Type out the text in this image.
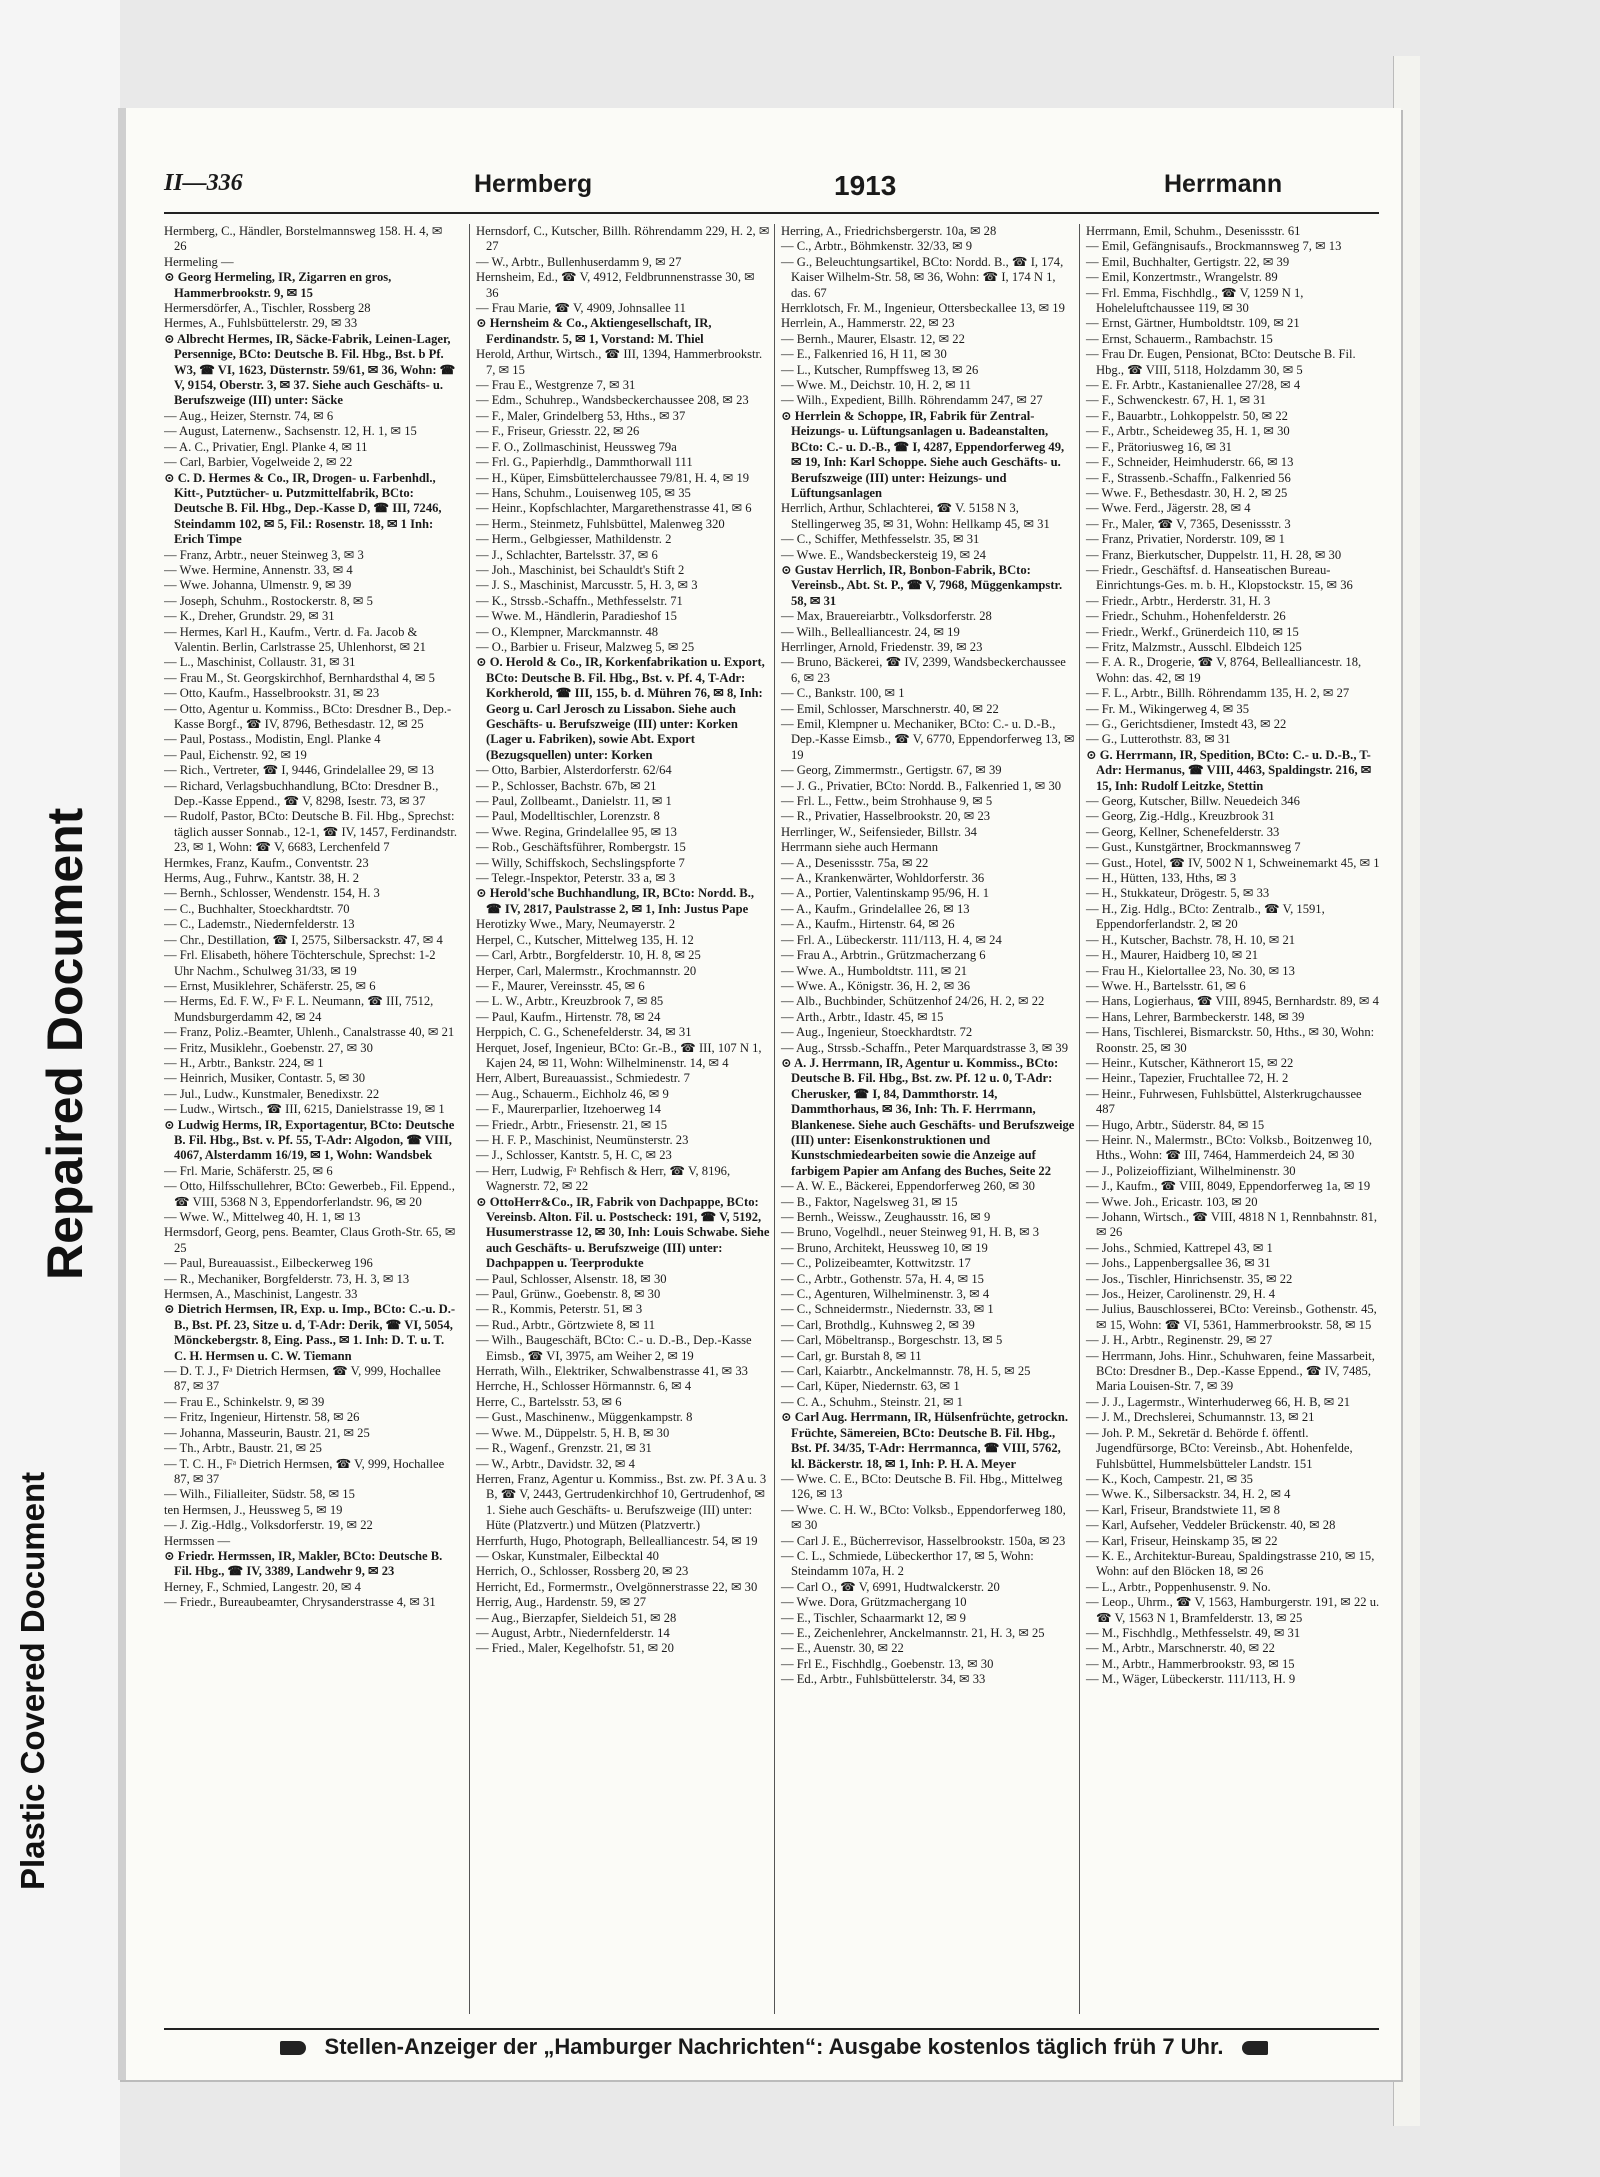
Plastic Covered Document
Repaired Document
II—336	Hermberg	1913	Herrmann

Hermberg, C., Händler, Borstelmannsweg 158. H. 4, ✉ 26

Hermeling —

⊙ Georg Hermeling, IR, Zigarren en gros, Hammerbrookstr. 9, ✉ 15

Hermersdörfer, A., Tischler, Rossberg 28

Hermes, A., Fuhlsbüttelerstr. 29, ✉ 33

⊙ Albrecht Hermes, IR, Säcke-Fabrik, Leinen-Lager, Persennige, BCto: Deutsche B. Fil. Hbg., Bst. b Pf. W3, ☎ VI, 1623, Düsternstr. 59/61, ✉ 36, Wohn: ☎ V, 9154, Oberstr. 3, ✉ 37. Siehe auch Geschäfts- u. Berufszweige (III) unter: Säcke

— Aug., Heizer, Sternstr. 74, ✉ 6

— August, Laternenw., Sachsenstr. 12, H. 1, ✉ 15

— A. C., Privatier, Engl. Planke 4, ✉ 11

— Carl, Barbier, Vogelweide 2, ✉ 22

⊙ C. D. Hermes & Co., IR, Drogen- u. Farbenhdl., Kitt-, Putztücher- u. Putzmittelfabrik, BCto: Deutsche B. Fil. Hbg., Dep.-Kasse D, ☎ III, 7246, Steindamm 102, ✉ 5, Fil.: Rosenstr. 18, ✉ 1 Inh: Erich Timpe

— Franz, Arbtr., neuer Steinweg 3, ✉ 3

— Wwe. Hermine, Annenstr. 33, ✉ 4

— Wwe. Johanna, Ulmenstr. 9, ✉ 39

— Joseph, Schuhm., Rostockerstr. 8, ✉ 5

— K., Dreher, Grundstr. 29, ✉ 31

— Hermes, Karl H., Kaufm., Vertr. d. Fa. Jacob & Valentin. Berlin, Carlstrasse 25, Uhlenhorst, ✉ 21

— L., Maschinist, Collaustr. 31, ✉ 31

— Frau M., St. Georgskirchhof, Bernhardsthal 4, ✉ 5

— Otto, Kaufm., Hasselbrookstr. 31, ✉ 23

— Otto, Agentur u. Kommiss., BCto: Dresdner B., Dep.-Kasse Borgf., ☎ IV, 8796, Bethesdastr. 12, ✉ 25

— Paul, Postass., Modistin, Engl. Planke 4

— Paul, Eichenstr. 92, ✉ 19

— Rich., Vertreter, ☎ I, 9446, Grindelallee 29, ✉ 13

— Richard, Verlagsbuchhandlung, BCto: Dresdner B., Dep.-Kasse Eppend., ☎ V, 8298, Isestr. 73, ✉ 37

— Rudolf, Pastor, BCto: Deutsche B. Fil. Hbg., Sprechst: täglich ausser Sonnab., 12-1, ☎ IV, 1457, Ferdinandstr. 23, ✉ 1, Wohn: ☎ V, 6683, Lerchenfeld 7

Hermkes, Franz, Kaufm., Conventstr. 23

Herms, Aug., Fuhrw., Kantstr. 38, H. 2

— Bernh., Schlosser, Wendenstr. 154, H. 3

— C., Buchhalter, Stoeckhardtstr. 70

— C., Lademstr., Niedernfelderstr. 13

— Chr., Destillation, ☎ I, 2575, Silbersackstr. 47, ✉ 4

— Frl. Elisabeth, höhere Töchterschule, Sprechst: 1-2 Uhr Nachm., Schulweg 31/33, ✉ 19

— Ernst, Musiklehrer, Schäferstr. 25, ✉ 6

— Herms, Ed. F. W., Fᵃ F. L. Neumann, ☎ III, 7512, Mundsburgerdamm 42, ✉ 24

— Franz, Poliz.-Beamter, Uhlenh., Canalstrasse 40, ✉ 21

— Fritz, Musiklehr., Goebenstr. 27, ✉ 30

— H., Arbtr., Bankstr. 224, ✉ 1

— Heinrich, Musiker, Contastr. 5, ✉ 30

— Jul., Ludw., Kunstmaler, Benedixstr. 22

— Ludw., Wirtsch., ☎ III, 6215, Danielstrasse 19, ✉ 1

⊙ Ludwig Herms, IR, Exportagentur, BCto: Deutsche B. Fil. Hbg., Bst. v. Pf. 55, T-Adr: Algodon, ☎ VIII, 4067, Alsterdamm 16/19, ✉ 1, Wohn: Wandsbek

— Frl. Marie, Schäferstr. 25, ✉ 6

— Otto, Hilfsschullehrer, BCto: Gewerbeb., Fil. Eppend., ☎ VIII, 5368 N 3, Eppendorferlandstr. 96, ✉ 20

— Wwe. W., Mittelweg 40, H. 1, ✉ 13

Hermsdorf, Georg, pens. Beamter, Claus Groth-Str. 65, ✉ 25

— Paul, Bureauassist., Eilbeckerweg 196

— R., Mechaniker, Borgfelderstr. 73, H. 3, ✉ 13

Hermsen, A., Maschinist, Langestr. 33

⊙ Dietrich Hermsen, IR, Exp. u. Imp., BCto: C.-u. D.-B., Bst. Pf. 23, Sitze u. d, T-Adr: Derik, ☎ VI, 5054, Mönckebergstr. 8, Eing. Pass., ✉ 1. Inh: D. T. u. T. C. H. Hermsen u. C. W. Tiemann

— D. T. J., Fᵃ Dietrich Hermsen, ☎ V, 999, Hochallee 87, ✉ 37

— Frau E., Schinkelstr. 9, ✉ 39

— Fritz, Ingenieur, Hirtenstr. 58, ✉ 26

— Johanna, Masseurin, Baustr. 21, ✉ 25

— Th., Arbtr., Baustr. 21, ✉ 25

— T. C. H., Fᵃ Dietrich Hermsen, ☎ V, 999, Hochallee 87, ✉ 37

— Wilh., Filialleiter, Südstr. 58, ✉ 15

ten Hermsen, J., Heussweg 5, ✉ 19

— J. Zig.-Hdlg., Volksdorferstr. 19, ✉ 22

Hermssen —

⊙ Friedr. Hermssen, IR, Makler, BCto: Deutsche B. Fil. Hbg., ☎ IV, 3389, Landwehr 9, ✉ 23

Herney, F., Schmied, Langestr. 20, ✉ 4

— Friedr., Bureaubeamter, Chrysanderstrasse 4, ✉ 31

Hernsdorf, C., Kutscher, Billh. Röhrendamm 229, H. 2, ✉ 27

— W., Arbtr., Bullenhuserdamm 9, ✉ 27

Hernsheim, Ed., ☎ V, 4912, Feldbrunnenstrasse 30, ✉ 36

— Frau Marie, ☎ V, 4909, Johnsallee 11

⊙ Hernsheim & Co., Aktiengesellschaft, IR, Ferdinandstr. 5, ✉ 1, Vorstand: M. Thiel

Herold, Arthur, Wirtsch., ☎ III, 1394, Hammerbrookstr. 7, ✉ 15

— Frau E., Westgrenze 7, ✉ 31

— Edm., Schuhrep., Wandsbeckerchaussee 208, ✉ 23

— F., Maler, Grindelberg 53, Hths., ✉ 37

— F., Friseur, Griesstr. 22, ✉ 26

— F. O., Zollmaschinist, Heussweg 79a

— Frl. G., Papierhdlg., Dammthorwall 111

— H., Küper, Eimsbüttelerchaussee 79/81, H. 4, ✉ 19

— Hans, Schuhm., Louisenweg 105, ✉ 35

— Heinr., Kopfschlachter, Margarethenstrasse 41, ✉ 6

— Herm., Steinmetz, Fuhlsbüttel, Malenweg 320

— Herm., Gelbgiesser, Mathildenstr. 2

— J., Schlachter, Bartelsstr. 37, ✉ 6

— Joh., Maschinist, bei Schauldt's Stift 2

— J. S., Maschinist, Marcusstr. 5, H. 3, ✉ 3

— K., Strssb.-Schaffn., Methfesselstr. 71

— Wwe. M., Händlerin, Paradieshof 15

— O., Klempner, Marckmannstr. 48

— O., Barbier u. Friseur, Malzweg 5, ✉ 25

⊙ O. Herold & Co., IR, Korkenfabrikation u. Export, BCto: Deutsche B. Fil. Hbg., Bst. v. Pf. 4, T-Adr: Korkherold, ☎ III, 155, b. d. Mühren 76, ✉ 8, Inh: Georg u. Carl Jerosch zu Lissabon. Siehe auch Geschäfts- u. Berufszweige (III) unter: Korken (Lager u. Fabriken), sowie Abt. Export (Bezugsquellen) unter: Korken

— Otto, Barbier, Alsterdorferstr. 62/64

— P., Schlosser, Bachstr. 67b, ✉ 21

— Paul, Zollbeamt., Danielstr. 11, ✉ 1

— Paul, Modelltischler, Lorenzstr. 8

— Wwe. Regina, Grindelallee 95, ✉ 13

— Rob., Geschäftsführer, Rombergstr. 15

— Willy, Schiffskoch, Sechslingspforte 7

— Telegr.-Inspektor, Peterstr. 33 a, ✉ 3

⊙ Herold'sche Buchhandlung, IR, BCto: Nordd. B., ☎ IV, 2817, Paulstrasse 2, ✉ 1, Inh: Justus Pape

Herotizky Wwe., Mary, Neumayerstr. 2

Herpel, C., Kutscher, Mittelweg 135, H. 12

— Carl, Arbtr., Borgfelderstr. 10, H. 8, ✉ 25

Herper, Carl, Malermstr., Krochmannstr. 20

— F., Maurer, Vereinsstr. 45, ✉ 6

— L. W., Arbtr., Kreuzbrook 7, ✉ 85

— Paul, Kaufm., Hirtenstr. 78, ✉ 24

Herppich, C. G., Schenefelderstr. 34, ✉ 31

Herquet, Josef, Ingenieur, BCto: Gr.-B., ☎ III, 107 N 1, Kajen 24, ✉ 11, Wohn: Wilhelminenstr. 14, ✉ 4

Herr, Albert, Bureauassist., Schmiedestr. 7

— Aug., Schauerm., Eichholz 46, ✉ 9

— F., Maurerparlier, Itzehoerweg 14

— Friedr., Arbtr., Friesenstr. 21, ✉ 15

— H. F. P., Maschinist, Neumünsterstr. 23

— J., Schlosser, Kantstr. 5, H. C, ✉ 23

— Herr, Ludwig, Fᵃ Rehfisch & Herr, ☎ V, 8196, Wagnerstr. 72, ✉ 22

⊙ OttoHerr&Co., IR, Fabrik von Dachpappe, BCto: Vereinsb. Alton. Fil. u. Postscheck: 191, ☎ V, 5192, Husumerstrasse 12, ✉ 30, Inh: Louis Schwabe. Siehe auch Geschäfts- u. Berufszweige (III) unter: Dachpappen u. Teerprodukte

— Paul, Schlosser, Alsenstr. 18, ✉ 30

— Paul, Grünw., Goebenstr. 8, ✉ 30

— R., Kommis, Peterstr. 51, ✉ 3

— Rud., Arbtr., Görtzwiete 8, ✉ 11

— Wilh., Baugeschäft, BCto: C.- u. D.-B., Dep.-Kasse Eimsb., ☎ VI, 3975, am Weiher 2, ✉ 19

Herrath, Wilh., Elektriker, Schwalbenstrasse 41, ✉ 33

Herrche, H., Schlosser Hörmannstr. 6, ✉ 4

Herre, C., Bartelsstr. 53, ✉ 6

— Gust., Maschinenw., Müggenkampstr. 8

— Wwe. M., Düppelstr. 5, H. B, ✉ 30

— R., Wagenf., Grenzstr. 21, ✉ 31

— W., Arbtr., Davidstr. 32, ✉ 4

Herren, Franz, Agentur u. Kommiss., Bst. zw. Pf. 3 A u. 3 B, ☎ V, 2443, Gertrudenkirchhof 10, Gertrudenhof, ✉ 1. Siehe auch Geschäfts- u. Berufszweige (III) unter: Hüte (Platzvertr.) und Mützen (Platzvertr.)

Herrfurth, Hugo, Photograph, Bellealliancestr. 54, ✉ 19

— Oskar, Kunstmaler, Eilbecktal 40

Herrich, O., Schlosser, Rossberg 20, ✉ 23

Herricht, Ed., Formermstr., Ovelgönnerstrasse 22, ✉ 30

Herrig, Aug., Hardenstr. 59, ✉ 27

— Aug., Bierzapfer, Sieldeich 51, ✉ 28

— August, Arbtr., Niedernfelderstr. 14

— Fried., Maler, Kegelhofstr. 51, ✉ 20

Herring, A., Friedrichsbergerstr. 10a, ✉ 28

— C., Arbtr., Böhmkenstr. 32/33, ✉ 9

— G., Beleuchtungsartikel, BCto: Nordd. B., ☎ I, 174, Kaiser Wilhelm-Str. 58, ✉ 36, Wohn: ☎ I, 174 N 1, das. 67

Herrklotsch, Fr. M., Ingenieur, Ottersbeckallee 13, ✉ 19

Herrlein, A., Hammerstr. 22, ✉ 23

— Bernh., Maurer, Elsastr. 12, ✉ 22

— E., Falkenried 16, H 11, ✉ 30

— L., Kutscher, Rumpffsweg 13, ✉ 26

— Wwe. M., Deichstr. 10, H. 2, ✉ 11

— Wilh., Expedient, Billh. Röhrendamm 247, ✉ 27

⊙ Herrlein & Schoppe, IR, Fabrik für Zentral-Heizungs- u. Lüftungsanlagen u. Badeanstalten, BCto: C.- u. D.-B., ☎ I, 4287, Eppendorferweg 49, ✉ 19, Inh: Karl Schoppe. Siehe auch Geschäfts- u. Berufszweige (III) unter: Heizungs- und Lüftungsanlagen

Herrlich, Arthur, Schlachterei, ☎ V. 5158 N 3, Stellingerweg 35, ✉ 31, Wohn: Hellkamp 45, ✉ 31

— C., Schiffer, Methfesselstr. 35, ✉ 31

— Wwe. E., Wandsbeckersteig 19, ✉ 24

⊙ Gustav Herrlich, IR, Bonbon-Fabrik, BCto: Vereinsb., Abt. St. P., ☎ V, 7968, Müggenkampstr. 58, ✉ 31

— Max, Brauereiarbtr., Volksdorferstr. 28

— Wilh., Bellealliancestr. 24, ✉ 19

Herrlinger, Arnold, Friedenstr. 39, ✉ 23

— Bruno, Bäckerei, ☎ IV, 2399, Wandsbeckerchaussee 6, ✉ 23

— C., Bankstr. 100, ✉ 1

— Emil, Schlosser, Marschnerstr. 40, ✉ 22

— Emil, Klempner u. Mechaniker, BCto: C.- u. D.-B., Dep.-Kasse Eimsb., ☎ V, 6770, Eppendorferweg 13, ✉ 19

— Georg, Zimmermstr., Gertigstr. 67, ✉ 39

— J. G., Privatier, BCto: Nordd. B., Falkenried 1, ✉ 30

— Frl. L., Fettw., beim Strohhause 9, ✉ 5

— R., Privatier, Hasselbrookstr. 20, ✉ 23

Herrlinger, W., Seifensieder, Billstr. 34

Herrmann siehe auch Hermann

— A., Desenissstr. 75a, ✉ 22

— A., Krankenwärter, Wohldorferstr. 36

— A., Portier, Valentinskamp 95/96, H. 1

— A., Kaufm., Grindelallee 26, ✉ 13

— A., Kaufm., Hirtenstr. 64, ✉ 26

— Frl. A., Lübeckerstr. 111/113, H. 4, ✉ 24

— Frau A., Arbtrin., Grützmacherzang 6

— Wwe. A., Humboldtstr. 111, ✉ 21

— Wwe. A., Königstr. 36, H. 2, ✉ 36

— Alb., Buchbinder, Schützenhof 24/26, H. 2, ✉ 22

— Arth., Arbtr., Idastr. 45, ✉ 15

— Aug., Ingenieur, Stoeckhardtstr. 72

— Aug., Strssb.-Schaffn., Peter Marquardstrasse 3, ✉ 39

⊙ A. J. Herrmann, IR, Agentur u. Kommiss., BCto: Deutsche B. Fil. Hbg., Bst. zw. Pf. 12 u. 0, T-Adr: Cherusker, ☎ I, 84, Dammthorstr. 14, Dammthorhaus, ✉ 36, Inh: Th. F. Herrmann, Blankenese. Siehe auch Geschäfts- und Berufszweige (III) unter: Eisenkonstruktionen und Kunstschmiedearbeiten sowie die Anzeige auf farbigem Papier am Anfang des Buches, Seite 22

— A. W. E., Bäckerei, Eppendorferweg 260, ✉ 30

— B., Faktor, Nagelsweg 31, ✉ 15

— Bernh., Weissw., Zeughausstr. 16, ✉ 9

— Bruno, Vogelhdl., neuer Steinweg 91, H. B, ✉ 3

— Bruno, Architekt, Heussweg 10, ✉ 19

— C., Polizeibeamter, Kottwitzstr. 17

— C., Arbtr., Gothenstr. 57a, H. 4, ✉ 15

— C., Agenturen, Wilhelminenstr. 3, ✉ 4

— C., Schneidermstr., Niedernstr. 33, ✉ 1

— Carl, Brothdlg., Kuhnsweg 2, ✉ 39

— Carl, Möbeltransp., Borgeschstr. 13, ✉ 5

— Carl, gr. Burstah 8, ✉ 11

— Carl, Kaiarbtr., Anckelmannstr. 78, H. 5, ✉ 25

— Carl, Küper, Niedernstr. 63, ✉ 1

— C. A., Schuhm., Steinstr. 21, ✉ 1

⊙ Carl Aug. Herrmann, IR, Hülsenfrüchte, getrockn. Früchte, Sämereien, BCto: Deutsche B. Fil. Hbg., Bst. Pf. 34/35, T-Adr: Herrmannca, ☎ VIII, 5762, kl. Bäckerstr. 18, ✉ 1, Inh: P. H. A. Meyer

— Wwe. C. E., BCto: Deutsche B. Fil. Hbg., Mittelweg 126, ✉ 13

— Wwe. C. H. W., BCto: Volksb., Eppendorferweg 180, ✉ 30

— Carl J. E., Bücherrevisor, Hasselbrookstr. 150a, ✉ 23

— C. L., Schmiede, Lübeckerthor 17, ✉ 5, Wohn: Steindamm 107a, H. 2

— Carl O., ☎ V, 6991, Hudtwalckerstr. 20

— Wwe. Dora, Grützmachergang 10

— E., Tischler, Schaarmarkt 12, ✉ 9

— E., Zeichenlehrer, Anckelmannstr. 21, H. 3, ✉ 25

— E., Auenstr. 30, ✉ 22

— Frl E., Fischhdlg., Goebenstr. 13, ✉ 30

— Ed., Arbtr., Fuhlsbüttelerstr. 34, ✉ 33

Herrmann, Emil, Schuhm., Desenissstr. 61

— Emil, Gefängnisaufs., Brockmannsweg 7, ✉ 13

— Emil, Buchhalter, Gertigstr. 22, ✉ 39

— Emil, Konzertmstr., Wrangelstr. 89

— Frl. Emma, Fischhdlg., ☎ V, 1259 N 1, Hoheleluftchaussee 119, ✉ 30

— Ernst, Gärtner, Humboldtstr. 109, ✉ 21

— Ernst, Schauerm., Rambachstr. 15

— Frau Dr. Eugen, Pensionat, BCto: Deutsche B. Fil. Hbg., ☎ VIII, 5118, Holzdamm 30, ✉ 5

— E. Fr. Arbtr., Kastanienallee 27/28, ✉ 4

— F., Schwenckestr. 67, H. 1, ✉ 31

— F., Bauarbtr., Lohkoppelstr. 50, ✉ 22

— F., Arbtr., Scheideweg 35, H. 1, ✉ 30

— F., Prätoriusweg 16, ✉ 31

— F., Schneider, Heimhuderstr. 66, ✉ 13

— F., Strassenb.-Schaffn., Falkenried 56

— Wwe. F., Bethesdastr. 30, H. 2, ✉ 25

— Wwe. Ferd., Jägerstr. 28, ✉ 4

— Fr., Maler, ☎ V, 7365, Desenissstr. 3

— Franz, Privatier, Norderstr. 109, ✉ 1

— Franz, Bierkutscher, Duppelstr. 11, H. 28, ✉ 30

— Friedr., Geschäftsf. d. Hanseatischen Bureau-Einrichtungs-Ges. m. b. H., Klopstockstr. 15, ✉ 36

— Friedr., Arbtr., Herderstr. 31, H. 3

— Friedr., Schuhm., Hohenfelderstr. 26

— Friedr., Werkf., Grünerdeich 110, ✉ 15

— Fritz, Malzmstr., Ausschl. Elbdeich 125

— F. A. R., Drogerie, ☎ V, 8764, Bellealliancestr. 18, Wohn: das. 42, ✉ 19

— F. L., Arbtr., Billh. Röhrendamm 135, H. 2, ✉ 27

— Fr. M., Wikingerweg 4, ✉ 35

— G., Gerichtsdiener, Imstedt 43, ✉ 22

— G., Lutterothstr. 83, ✉ 31

⊙ G. Herrmann, IR, Spedition, BCto: C.- u. D.-B., T-Adr: Hermanus, ☎ VIII, 4463, Spaldingstr. 216, ✉ 15, Inh: Rudolf Leitzke, Stettin

— Georg, Kutscher, Billw. Neuedeich 346

— Georg, Zig.-Hdlg., Kreuzbrook 31

— Georg, Kellner, Schenefelderstr. 33

— Gust., Kunstgärtner, Brockmannsweg 7

— Gust., Hotel, ☎ IV, 5002 N 1, Schweinemarkt 45, ✉ 1

— H., Hütten, 133, Hths, ✉ 3

— H., Stukkateur, Drögestr. 5, ✉ 33

— H., Zig. Hdlg., BCto: Zentralb., ☎ V, 1591, Eppendorferlandstr. 2, ✉ 20

— H., Kutscher, Bachstr. 78, H. 10, ✉ 21

— H., Maurer, Haidberg 10, ✉ 21

— Frau H., Kielortallee 23, No. 30, ✉ 13

— Wwe. H., Bartelsstr. 61, ✉ 6

— Hans, Logierhaus, ☎ VIII, 8945, Bernhardstr. 89, ✉ 4

— Hans, Lehrer, Barmbeckerstr. 148, ✉ 39

— Hans, Tischlerei, Bismarckstr. 50, Hths., ✉ 30, Wohn: Roonstr. 25, ✉ 30

— Heinr., Kutscher, Käthnerort 15, ✉ 22

— Heinr., Tapezier, Fruchtallee 72, H. 2

— Heinr., Fuhrwesen, Fuhlsbüttel, Alsterkrugchaussee 487

— Hugo, Arbtr., Süderstr. 84, ✉ 15

— Heinr. N., Malermstr., BCto: Volksb., Boitzenweg 10, Hths., Wohn: ☎ III, 7464, Hammerdeich 24, ✉ 30

— J., Polizeioffiziant, Wilhelminenstr. 30

— J., Kaufm., ☎ VIII, 8049, Eppendorferweg 1a, ✉ 19

— Wwe. Joh., Ericastr. 103, ✉ 20

— Johann, Wirtsch., ☎ VIII, 4818 N 1, Rennbahnstr. 81, ✉ 26

— Johs., Schmied, Kattrepel 43, ✉ 1

— Johs., Lappenbergsallee 36, ✉ 31

— Jos., Tischler, Hinrichsenstr. 35, ✉ 22

— Jos., Heizer, Carolinenstr. 29, H. 4

— Julius, Bauschlosserei, BCto: Vereinsb., Gothenstr. 45, ✉ 15, Wohn: ☎ VI, 5361, Hammerbrookstr. 58, ✉ 15

— J. H., Arbtr., Reginenstr. 29, ✉ 27

— Herrmann, Johs. Hinr., Schuhwaren, feine Massarbeit, BCto: Dresdner B., Dep.-Kasse Eppend., ☎ IV, 7485, Maria Louisen-Str. 7, ✉ 39

— J. J., Lagermstr., Winterhuderweg 66, H. B, ✉ 21

— J. M., Drechslerei, Schumannstr. 13, ✉ 21

— Joh. P. M., Sekretär d. Behörde f. öffentl. Jugendfürsorge, BCto: Vereinsb., Abt. Hohenfelde, Fuhlsbüttel, Hummelsbütteler Landstr. 151

— K., Koch, Campestr. 21, ✉ 35

— Wwe. K., Silbersackstr. 34, H. 2, ✉ 4

— Karl, Friseur, Brandstwiete 11, ✉ 8

— Karl, Aufseher, Veddeler Brückenstr. 40, ✉ 28

— Karl, Friseur, Heinskamp 35, ✉ 22

— K. E., Architektur-Bureau, Spaldingstrasse 210, ✉ 15, Wohn: auf den Blöcken 18, ✉ 26

— L., Arbtr., Poppenhusenstr. 9. No.

— Leop., Uhrm., ☎ V, 1563, Hamburgerstr. 191, ✉ 22 u. ☎ V, 1563 N 1, Bramfelderstr. 13, ✉ 25

— M., Fischhdlg., Methfesselstr. 49, ✉ 31

— M., Arbtr., Marschnerstr. 40, ✉ 22

— M., Arbtr., Hammerbrookstr. 93, ✉ 15

— M., Wäger, Lübeckerstr. 111/113, H. 9

Stellen-Anzeiger der „Hamburger Nachrichten“: Ausgabe kostenlos täglich früh 7 Uhr.
